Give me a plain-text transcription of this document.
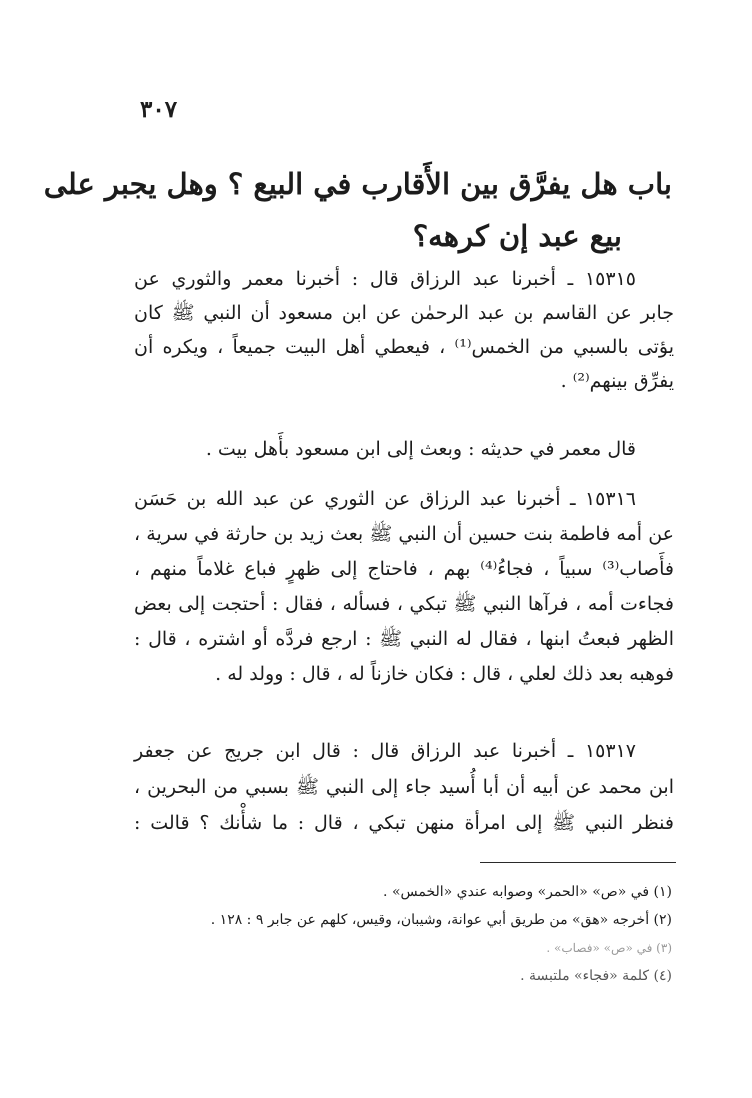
٣٠٧
باب هل يفرَّق بين الأَقارب في البيع ؟ وهل يجبر على
بيع عبد إن كرهه؟
١٥٣١٥ ـ أخبرنا عبد الرزاق قال : أخبرنا معمر والثوري عن
جابر عن القاسم بن عبد الرحمٰن عن ابن مسعود أن النبي ﷺ كان
يؤتى بالسبي من الخمس⁽¹⁾ ، فيعطي أهل البيت جميعاً ، ويكره أن
يفرِّق بينهم⁽²⁾ .
قال معمر في حديثه : وبعث إلى ابن مسعود بأَهل بيت .
١٥٣١٦ ـ أخبرنا عبد الرزاق عن الثوري عن عبد الله بن حَسَن
عن أمه فاطمة بنت حسين أن النبي ﷺ بعث زيد بن حارثة في سرية ،
فأَصاب⁽³⁾ سبياً ، فجاءُ⁽⁴⁾ بهم ، فاحتاج إلى ظهرٍ فباع غلاماً منهم ،
فجاءت أمه ، فرآها النبي ﷺ تبكي ، فسأله ، فقال : أحتجت إلى بعض
الظهر فبعتُ ابنها ، فقال له النبي ﷺ : ارجع فردَّه أو اشتره ، قال :
فوهبه بعد ذلك لعلي ، قال : فكان خازناً له ، قال : وولد له .
١٥٣١٧ ـ أخبرنا عبد الرزاق قال : قال ابن جريج عن جعفر
ابن محمد عن أبيه أن أبا أُسيد جاء إلى النبي ﷺ بسبي من البحرين ،
فنظر النبي ﷺ إلى امرأة منهن تبكي ، قال : ما شأْنك ؟ قالت :
(١) في «ص» «الحمر» وصوابه عندي «الخمس» .
(٢) أخرجه «هق» من طريق أبي عوانة، وشيبان، وقيس، كلهم عن جابر ٩ : ١٢٨ .
(٣) في «ص» «فصاب» .
(٤) كلمة «فجاء» ملتبسة .
